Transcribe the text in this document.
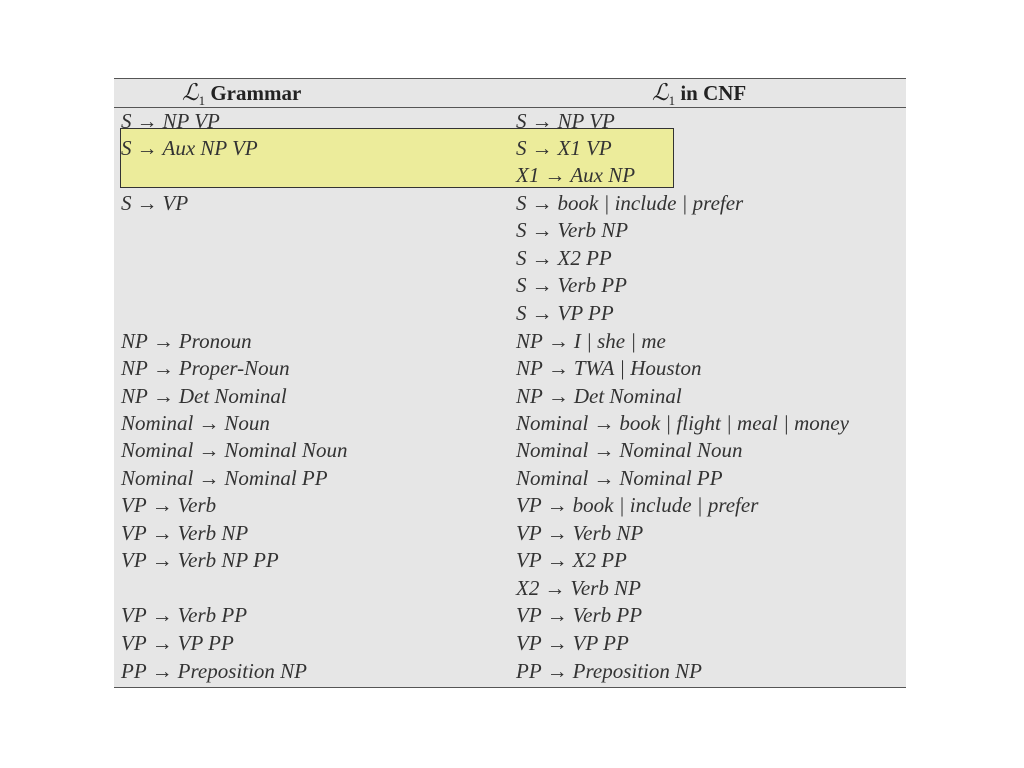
ℒ$_1$ Grammar	ℒ$_1$ in CNF
S → NP VP
S → Aux NP VP
S → VP
NP → Pronoun
NP → Proper-Noun
NP → Det Nominal
Nominal → Noun
Nominal → Nominal Noun
Nominal → Nominal PP
VP → Verb
VP → Verb NP
VP → Verb NP PP
VP → Verb PP
VP → VP PP
PP → Preposition NP
S → NP VP
S → X1 VP
X1 → Aux NP
S → book | include | prefer
S → Verb NP
S → X2 PP
S → Verb PP
S → VP PP
NP → I | she | me
NP → TWA | Houston
NP → Det Nominal
Nominal → book | flight | meal | money
Nominal → Nominal Noun
Nominal → Nominal PP
VP → book | include | prefer
VP → Verb NP
VP → X2 PP
X2 → Verb NP
VP → Verb PP
VP → VP PP
PP → Preposition NP
